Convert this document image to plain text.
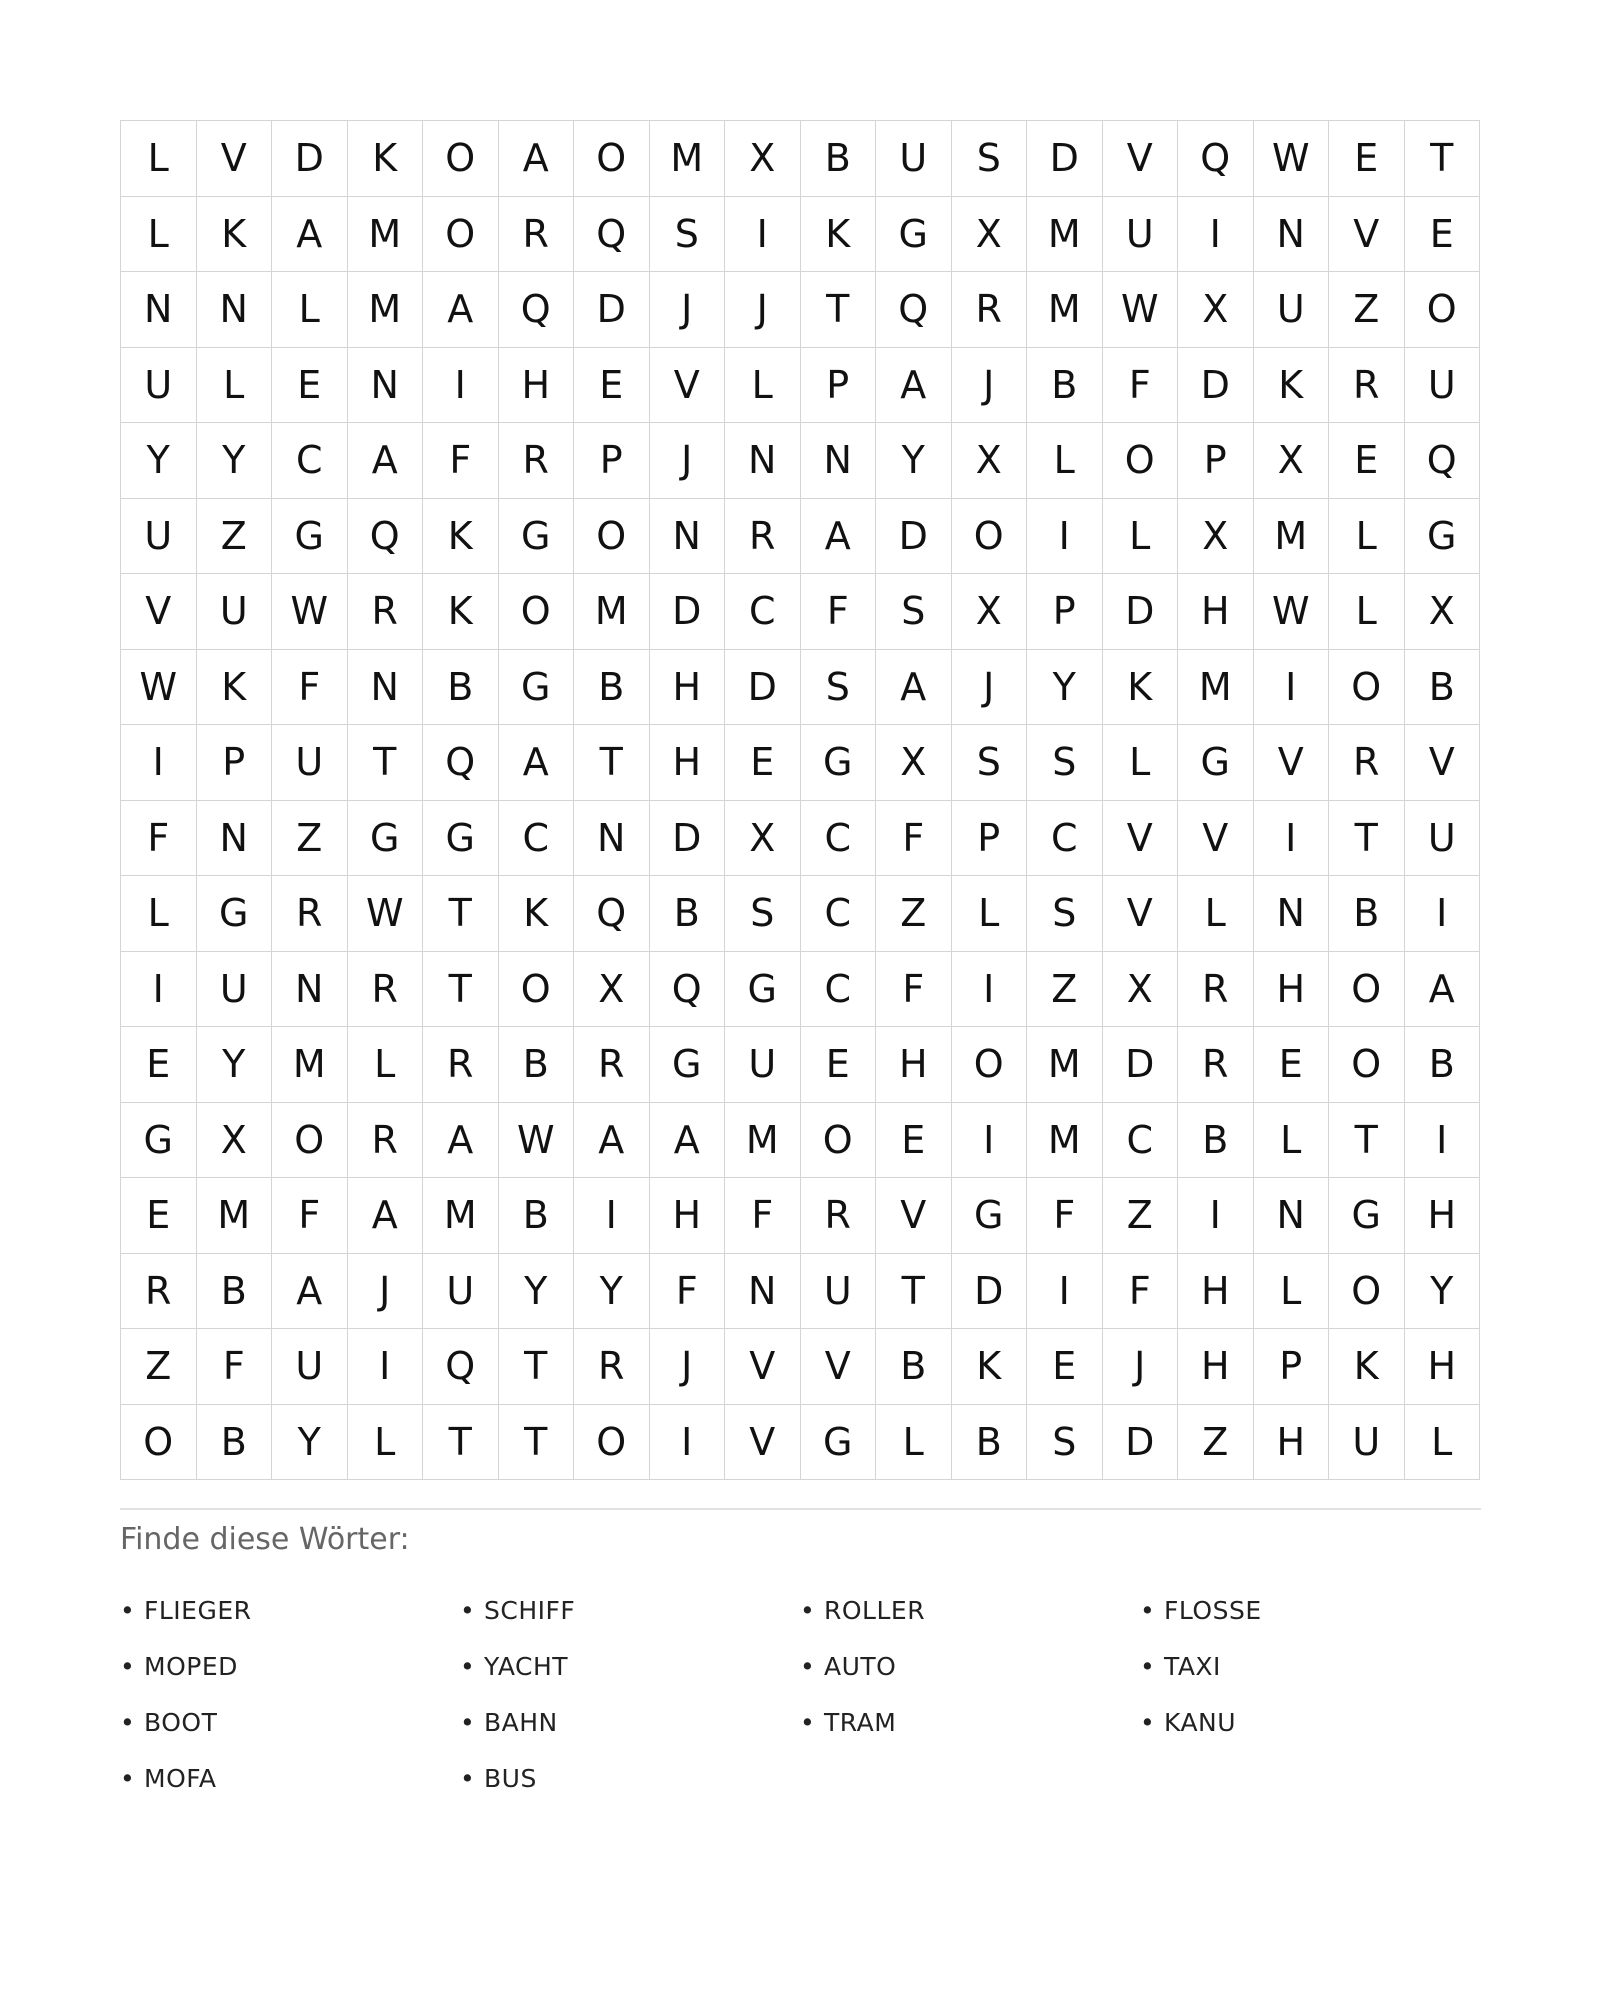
L	V	D	K	O	A	O	M	X	B	U	S	D	V	Q	W	E	T
L	K	A	M	O	R	Q	S	I	K	G	X	M	U	I	N	V	E
N	N	L	M	A	Q	D	J	J	T	Q	R	M	W	X	U	Z	O
U	L	E	N	I	H	E	V	L	P	A	J	B	F	D	K	R	U
Y	Y	C	A	F	R	P	J	N	N	Y	X	L	O	P	X	E	Q
U	Z	G	Q	K	G	O	N	R	A	D	O	I	L	X	M	L	G
V	U	W	R	K	O	M	D	C	F	S	X	P	D	H	W	L	X
W	K	F	N	B	G	B	H	D	S	A	J	Y	K	M	I	O	B
I	P	U	T	Q	A	T	H	E	G	X	S	S	L	G	V	R	V
F	N	Z	G	G	C	N	D	X	C	F	P	C	V	V	I	T	U
L	G	R	W	T	K	Q	B	S	C	Z	L	S	V	L	N	B	I
I	U	N	R	T	O	X	Q	G	C	F	I	Z	X	R	H	O	A
E	Y	M	L	R	B	R	G	U	E	H	O	M	D	R	E	O	B
G	X	O	R	A	W	A	A	M	O	E	I	M	C	B	L	T	I
E	M	F	A	M	B	I	H	F	R	V	G	F	Z	I	N	G	H
R	B	A	J	U	Y	Y	F	N	U	T	D	I	F	H	L	O	Y
Z	F	U	I	Q	T	R	J	V	V	B	K	E	J	H	P	K	H
O	B	Y	L	T	T	O	I	V	G	L	B	S	D	Z	H	U	L
Finde diese Wörter:
• FLIEGER	• SCHIFF	• ROLLER	• FLOSSE
• MOPED	• YACHT	• AUTO	• TAXI
• BOOT	• BAHN	• TRAM	• KANU
• MOFA	• BUS
